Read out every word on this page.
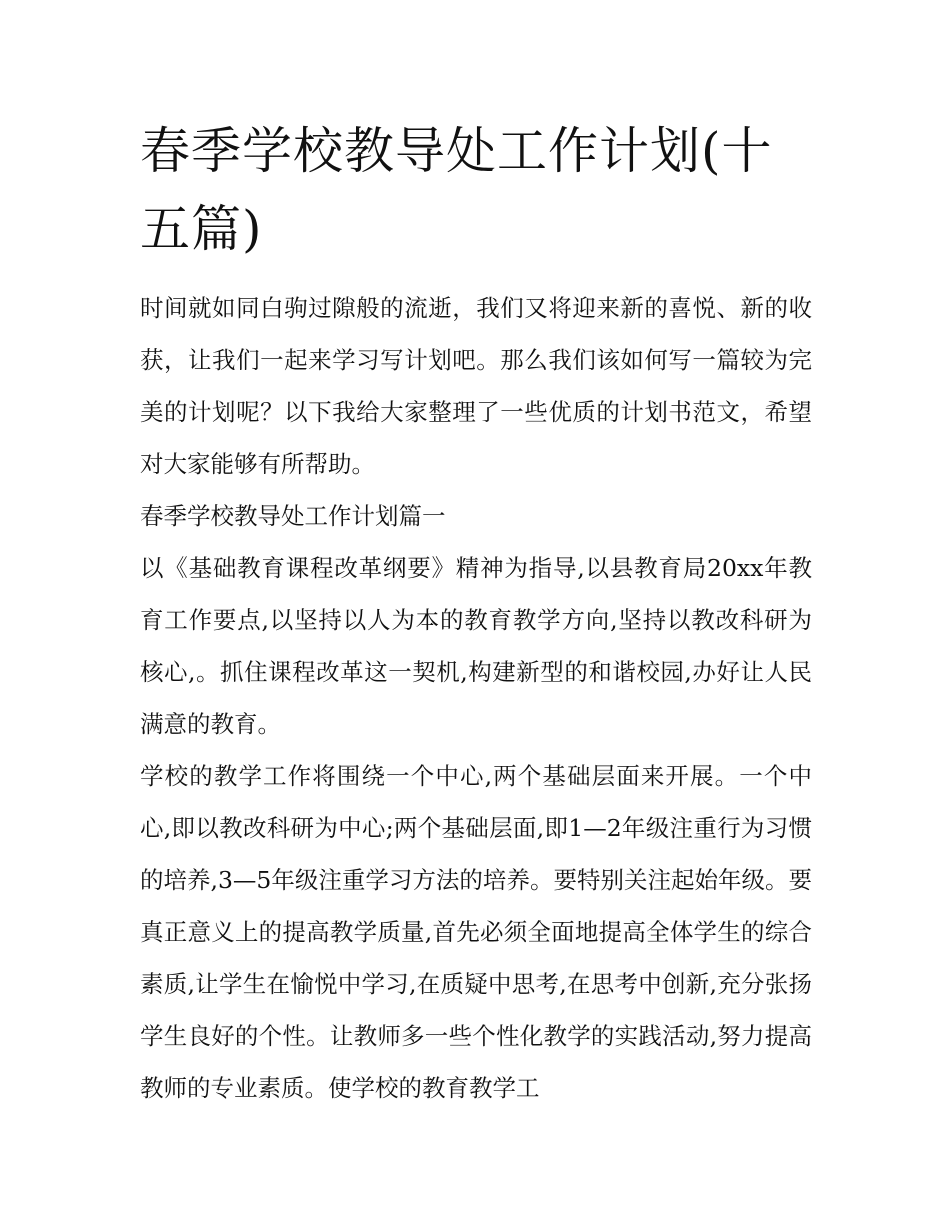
春季学校教导处工作计划(十五篇)

时间就如同白驹过隙般的流逝，我们又将迎来新的喜悦、新的收获，让我们一起来学习写计划吧。那么我们该如何写一篇较为完美的计划呢？以下我给大家整理了一些优质的计划书范文，希望对大家能够有所帮助。

春季学校教导处工作计划篇一

以《基础教育课程改革纲要》精神为指导,以县教育局20xx年教育工作要点,以坚持以人为本的教育教学方向,坚持以教改科研为核心,。抓住课程改革这一契机,构建新型的和谐校园,办好让人民满意的教育。

学校的教学工作将围绕一个中心,两个基础层面来开展。一个中心,即以教改科研为中心;两个基础层面,即1—2年级注重行为习惯的培养,3—5年级注重学习方法的培养。要特别关注起始年级。要真正意义上的提高教学质量,首先必须全面地提高全体学生的综合素质,让学生在愉悦中学习,在质疑中思考,在思考中创新,充分张扬学生良好的个性。让教师多一些个性化教学的实践活动,努力提高教师的专业素质。使学校的教育教学工
